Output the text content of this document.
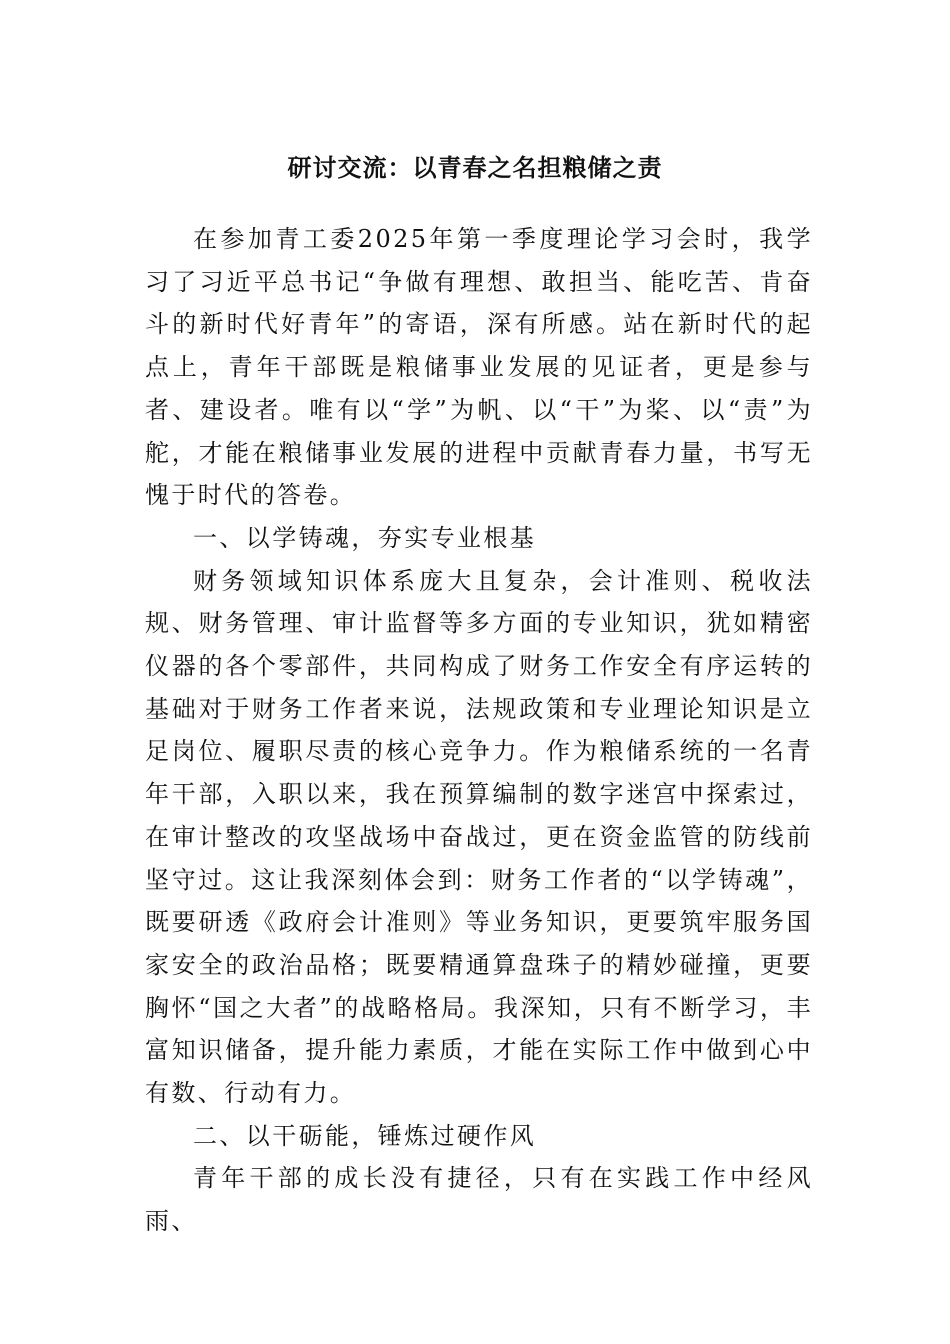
研讨交流：以青春之名担粮储之责

在参加青工委2025年第一季度理论学习会时，我学习了习近平总书记“争做有理想、敢担当、能吃苦、肯奋斗的新时代好青年”的寄语，深有所感。站在新时代的起点上，青年干部既是粮储事业发展的见证者，更是参与者、建设者。唯有以“学”为帆、以“干”为桨、以“责”为舵，才能在粮储事业发展的进程中贡献青春力量，书写无愧于时代的答卷。

一、以学铸魂，夯实专业根基

财务领域知识体系庞大且复杂，会计准则、税收法规、财务管理、审计监督等多方面的专业知识，犹如精密仪器的各个零部件，共同构成了财务工作安全有序运转的基础对于财务工作者来说，法规政策和专业理论知识是立足岗位、履职尽责的核心竞争力。作为粮储系统的一名青年干部，入职以来，我在预算编制的数字迷宫中探索过，在审计整改的攻坚战场中奋战过，更在资金监管的防线前坚守过。这让我深刻体会到：财务工作者的“以学铸魂”，既要研透《政府会计准则》等业务知识，更要筑牢服务国家安全的政治品格；既要精通算盘珠子的精妙碰撞，更要胸怀“国之大者”的战略格局。我深知，只有不断学习，丰富知识储备，提升能力素质，才能在实际工作中做到心中有数、行动有力。

二、以干砺能，锤炼过硬作风

青年干部的成长没有捷径，只有在实践工作中经风雨、
